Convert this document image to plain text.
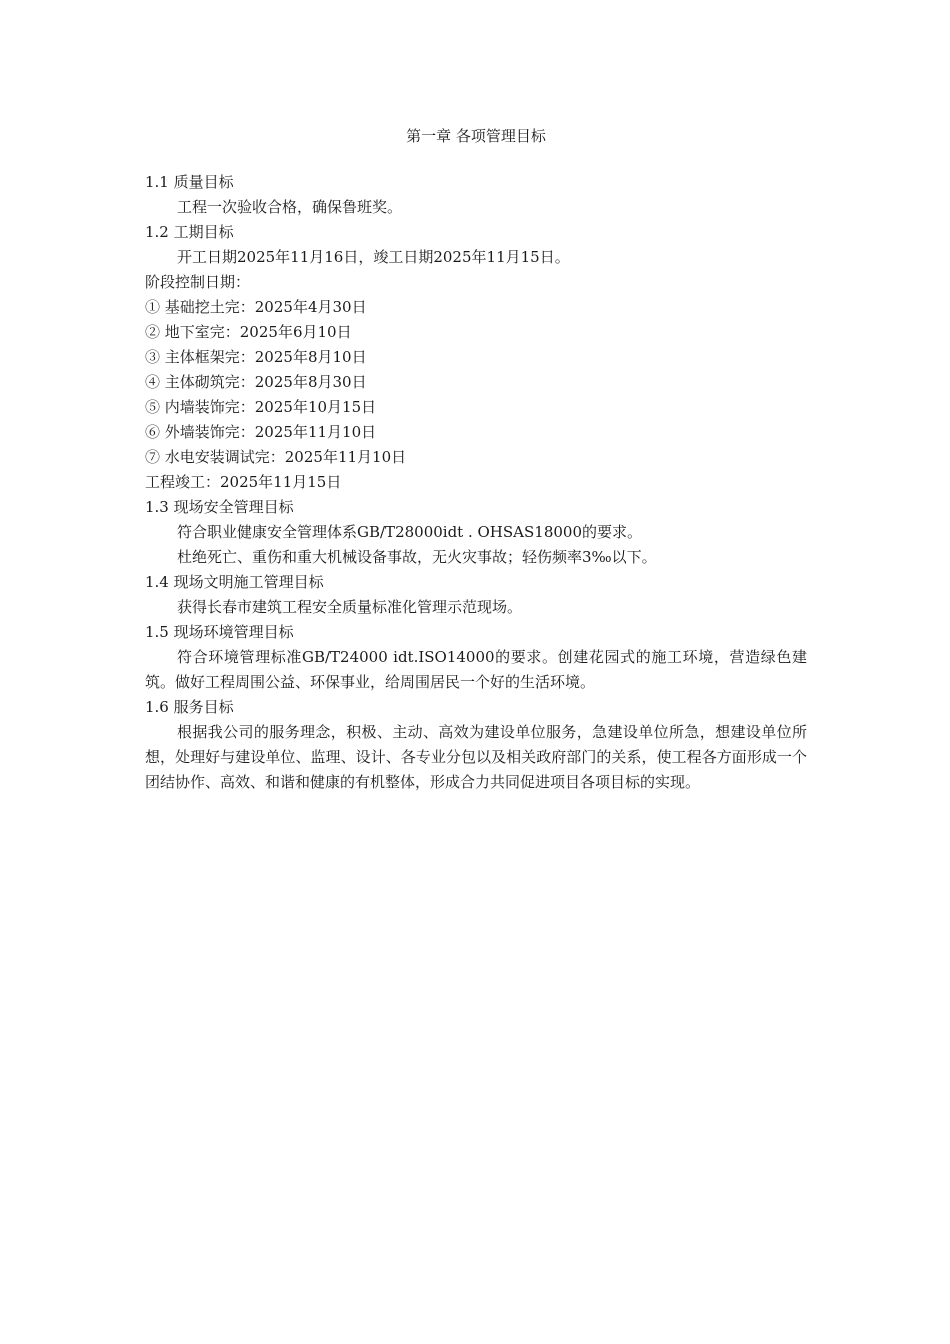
第一章 各项管理目标

1.1 质量目标

工程一次验收合格，确保鲁班奖。

1.2 工期目标

开工日期2025年11月16日，竣工日期2025年11月15日。

阶段控制日期：

① 基础挖土完：2025年4月30日

② 地下室完：2025年6月10日

③ 主体框架完：2025年8月10日

④ 主体砌筑完：2025年8月30日

⑤ 内墙装饰完：2025年10月15日

⑥ 外墙装饰完：2025年11月10日

⑦ 水电安装调试完：2025年11月10日

工程竣工：2025年11月15日

1.3 现场安全管理目标

符合职业健康安全管理体系GB/T28000idt . OHSAS18000的要求。

杜绝死亡、重伤和重大机械设备事故，无火灾事故；轻伤频率3‰以下。

1.4 现场文明施工管理目标

获得长春市建筑工程安全质量标准化管理示范现场。

1.5 现场环境管理目标

符合环境管理标准GB/T24000 idt.ISO14000的要求。创建花园式的施工环境，营造绿色建筑。做好工程周围公益、环保事业，给周围居民一个好的生活环境。

1.6 服务目标

根据我公司的服务理念，积极、主动、高效为建设单位服务，急建设单位所急，想建设单位所想，处理好与建设单位、监理、设计、各专业分包以及相关政府部门的关系，使工程各方面形成一个团结协作、高效、和谐和健康的有机整体，形成合力共同促进项目各项目标的实现。
